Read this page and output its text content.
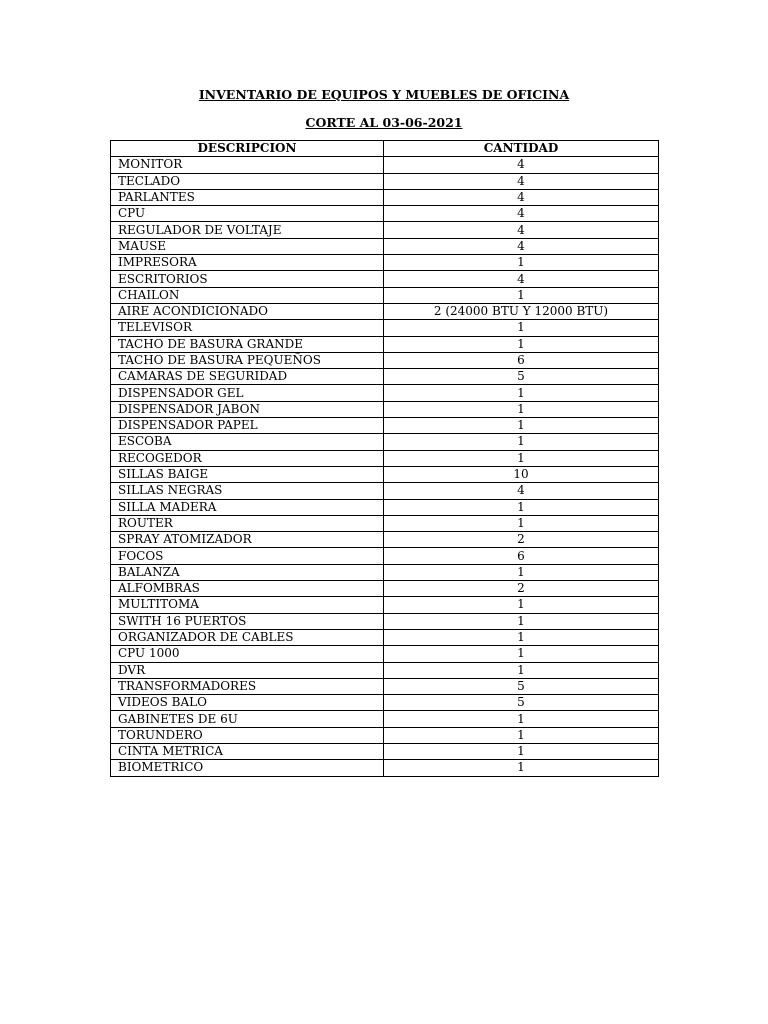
INVENTARIO DE EQUIPOS Y MUEBLES DE OFICINA
CORTE AL 03-06-2021
DESCRIPCION	CANTIDAD
MONITOR	4
TECLADO	4
PARLANTES	4
CPU	4
REGULADOR DE VOLTAJE	4
MAUSE	4
IMPRESORA	1
ESCRITORIOS	4
CHAILON	1
AIRE ACONDICIONADO	2 (24000 BTU Y 12000 BTU)
TELEVISOR	1
TACHO DE BASURA GRANDE	1
TACHO DE BASURA PEQUEÑOS	6
CAMARAS DE SEGURIDAD	5
DISPENSADOR GEL	1
DISPENSADOR JABON	1
DISPENSADOR PAPEL	1
ESCOBA	1
RECOGEDOR	1
SILLAS BAIGE	10
SILLAS NEGRAS	4
SILLA MADERA	1
ROUTER	1
SPRAY ATOMIZADOR	2
FOCOS	6
BALANZA	1
ALFOMBRAS	2
MULTITOMA	1
SWITH 16 PUERTOS	1
ORGANIZADOR DE CABLES	1
CPU 1000	1
DVR	1
TRANSFORMADORES	5
VIDEOS BALO	5
GABINETES DE 6U	1
TORUNDERO	1
CINTA METRICA	1
BIOMETRICO	1
